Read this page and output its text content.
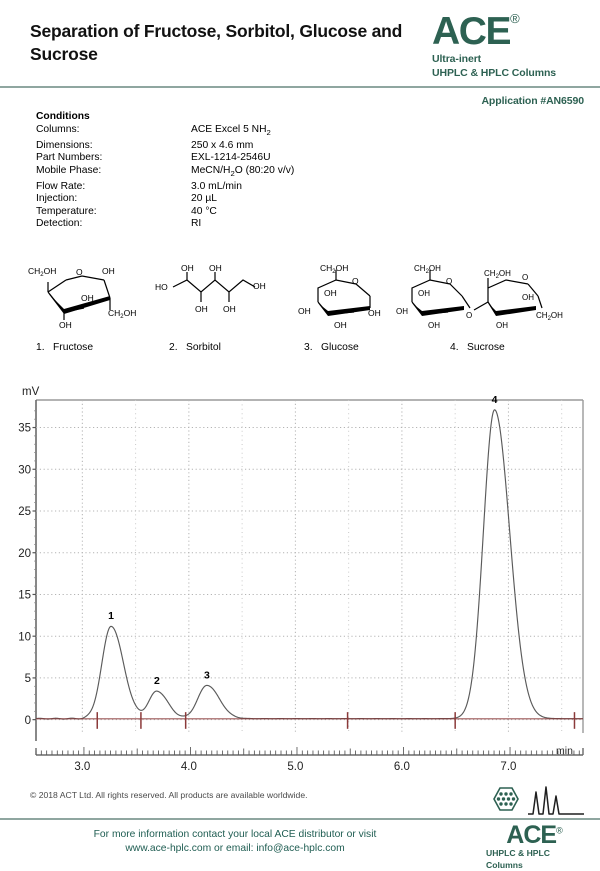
Separation of Fructose, Sorbitol, Glucose and Sucrose
ACE®
Ultra-inert
UHPLC & HPLC Columns
Application #AN6590
Conditions
Columns:	ACE Excel 5 $NH_2$
Dimensions:	250 x 4.6 mm
Part Numbers:	EXL-1214-2546U
Mobile Phase:	MeCN/$H_2O$ (80:20 v/v)
Flow Rate:	3.0 mL/min
Injection:	20 µL
Temperature:	40 °C
Detection:	RI
$CH_2OH$ O OH
OH
$CH_2OH$
OH
1. Fructose
HO
OH OH
OH
OH OH
2. Sorbitol
$CH_2OH$
O
OH
OH	OH
OH
3. Glucose
$CH_2OH$
O
OH
OH	O
OH
$CH_2OH$ O
OH
$CH_2OH$
OH
4. Sucrose
mV
min
0
5
10
15
20
25
30
35
3.0	4.0	5.0	6.0	7.0
1
2	3
4
© 2018 ACT Ltd. All rights reserved. All products are available worldwide.
For more information contact your local ACE distributor or visit
www.ace-hplc.com or email: info@ace-hplc.com	ACE®
UHPLC & HPLC
Columns
